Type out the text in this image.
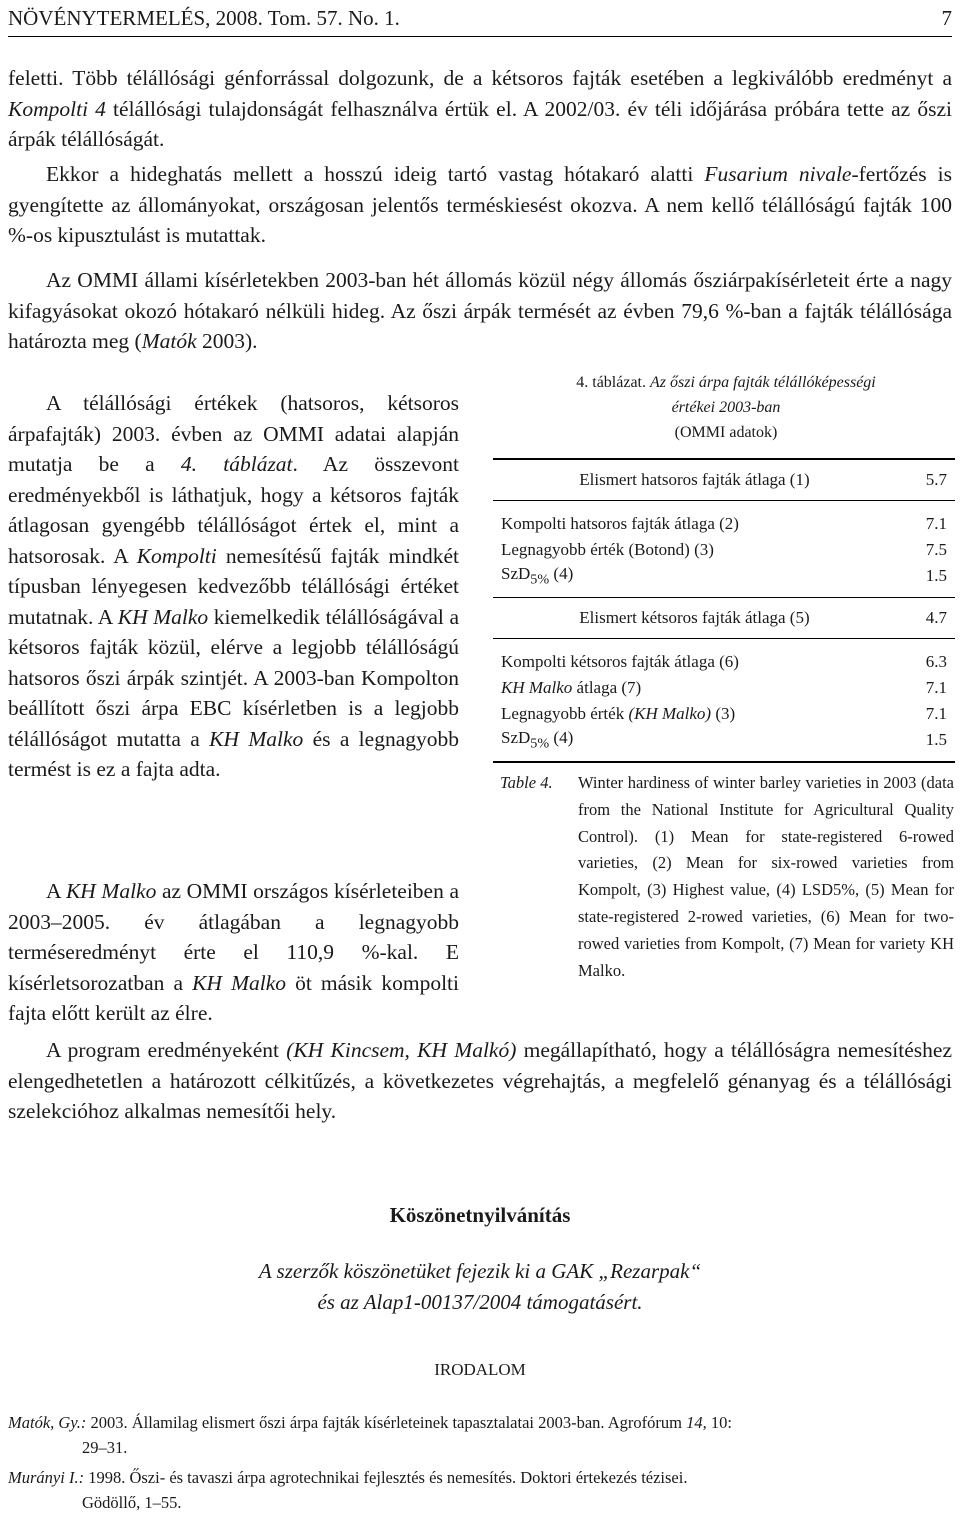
NÖVÉNYTERMELÉS, 2008. Tom. 57. No. 1.	7

feletti. Több télállósági génforrással dolgozunk, de a kétsoros fajták esetében a legkiválóbb eredményt a Kompolti 4 télállósági tulajdonságát felhasználva értük el. A 2002/03. év téli időjárása próbára tette az őszi árpák télállóságát.

Ekkor a hideghatás mellett a hosszú ideig tartó vastag hótakaró alatti Fusarium nivale-fertőzés is gyengítette az állományokat, országosan jelentős terméskiesést okozva. A nem kellő télállóságú fajták 100 %-os kipusztulást is mutattak.

Az OMMI állami kísérletekben 2003-ban hét állomás közül négy állomás ősziárpakísérleteit érte a nagy kifagyásokat okozó hótakaró nélküli hideg. Az őszi árpák termését az évben 79,6 %-ban a fajták télállósága határozta meg (Matók 2003).

A télállósági értékek (hatsoros, kétsoros árpafajták) 2003. évben az OMMI adatai alapján mutatja be a 4. táblázat. Az összevont eredményekből is láthatjuk, hogy a kétsoros fajták átlagosan gyengébb télállóságot értek el, mint a hatsorosak. A Kompolti nemesítésű fajták mindkét típusban lényegesen kedvezőbb télállósági értéket mutatnak. A KH Malko kiemelkedik télállóságával a kétsoros fajták közül, elérve a legjobb télállóságú hatsoros őszi árpák szintjét. A 2003-ban Kompolton beállított őszi árpa EBC kísérletben is a legjobb télállóságot mutatta a KH Malko és a legnagyobb termést is ez a fajta adta.

A KH Malko az OMMI országos kísérleteiben a 2003–2005. év átlagában a legnagyobb terméseredményt érte el 110,9 %-kal. E kísérletsorozatban a KH Malko öt másik kompolti fajta előtt került az élre.

A program eredményeként (KH Kincsem, KH Malkó) megállapítható, hogy a télállóságra nemesítéshez elengedhetetlen a határozott célkitűzés, a következetes végrehajtás, a megfelelő génanyag és a télállósági szelekcióhoz alkalmas nemesítői hely.

4. táblázat. Az őszi árpa fajták télállóképességi
értékei 2003-ban
(OMMI adatok)
Elismert hatsoros fajták átlaga (1)	5.7
Kompolti hatsoros fajták átlaga (2)	7.1
Legnagyobb érték (Botond) (3)	7.5
SzD$_{5\%}$ (4)	1.5
Elismert kétsoros fajták átlaga (5)	4.7
Kompolti kétsoros fajták átlaga (6)	6.3
KH Malko átlaga (7)	7.1
Legnagyobb érték (KH Malko) (3)	7.1
SzD$_{5\%}$ (4)	1.5
Table 4. Winter hardiness of winter barley varieties in 2003 (data from the National Institute for Agricultural Quality Control). (1) Mean for state-registered 6-rowed varieties, (2) Mean for six-rowed varieties from Kompolt, (3) Highest value, (4) LSD5%, (5) Mean for state-registered 2-rowed varieties, (6) Mean for two-rowed varieties from Kompolt, (7) Mean for variety KH Malko.
Köszönetnyilvánítás
A szerzők köszönetüket fejezik ki a GAK „Rezarpak“
és az Alap1-00137/2004 támogatásért.
IRODALOM
Matók, Gy.: 2003. Államilag elismert őszi árpa fajták kísérleteinek tapasztalatai 2003-ban. Agrofórum 14, 10:
29–31.
Murányi I.: 1998. Őszi- és tavaszi árpa agrotechnikai fejlesztés és nemesítés. Doktori értekezés tézisei.
Gödöllő, 1–55.
